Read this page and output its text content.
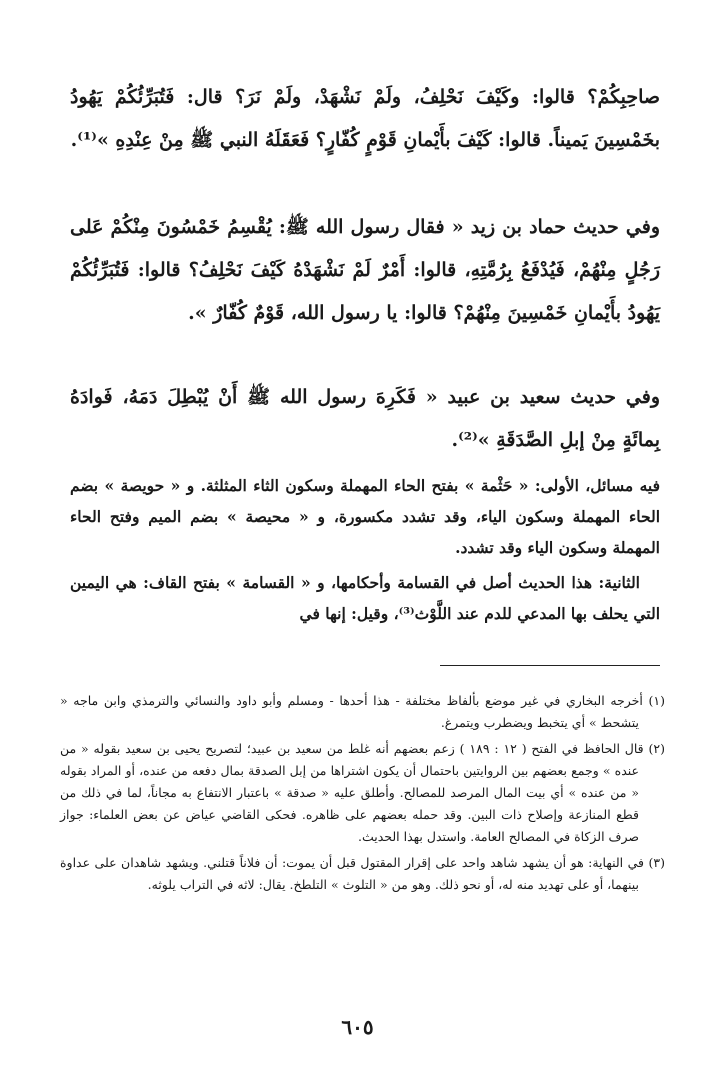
صاحِبِكُمْ؟ قالوا: وكَيْفَ نَحْلِفُ، ولَمْ نَشْهَدْ، ولَمْ نَرَ؟ قال: فَتُبَرِّئُكُمْ يَهُودُ بخَمْسِينَ يَميناً. قالوا: كَيْفَ بأَيْمانِ قَوْمٍ كُفّارٍ؟ فَعَقَلَهُ النبي ﷺ مِنْ عِنْدِهِ »⁽¹⁾.

وفي حديث حماد بن زيد « فقال رسول الله ﷺ: يُقْسِمُ خَمْسُونَ مِنْكُمْ عَلى رَجُلٍ مِنْهُمْ، فَيُدْفَعُ بِرُمَّتِهِ، قالوا: أَمْرٌ لَمْ نَشْهَدْهُ كَيْفَ نَحْلِفُ؟ قالوا: فَتُبَرِّئُكُمْ يَهُودُ بأَيْمانِ خَمْسِينَ مِنْهُمْ؟ قالوا: يا رسول الله، قَوْمٌ كُفّارٌ ».

وفي حديث سعيد بن عبيد « فَكَرِهَ رسول الله ﷺ أَنْ يُبْطِلَ دَمَهُ، فَوادَهُ بِمائَةٍ مِنْ إبلِ الصَّدَقَةِ »⁽²⁾.

فيه مسائل، الأولى: « حَثْمة » بفتح الحاء المهملة وسكون الثاء المثلثة. و « حويصة » بضم الحاء المهملة وسكون الياء، وقد تشدد مكسورة، و « محيصة » بضم الميم وفتح الحاء المهملة وسكون الياء وقد تشدد.

الثانية: هذا الحديث أصل في القسامة وأحكامها، و « القسامة » بفتح القاف: هي اليمين التي يحلف بها المدعي للدم عند اللَّوْث⁽³⁾، وقيل: إنها في

(١) أخرجه البخاري في غير موضع بألفاظ مختلفة - هذا أحدها - ومسلم وأبو داود والنسائي والترمذي وابن ماجه « يتشحط » أي يتخبط ويضطرب ويتمرغ.

(٢) قال الحافظ في الفتح ( ١٢ : ١٨٩ ) زعم بعضهم أنه غلط من سعيد بن عبيد؛ لتصريح يحيى بن سعيد بقوله « من عنده » وجمع بعضهم بين الروايتين باحتمال أن يكون اشتراها من إبل الصدقة بمال دفعه من عنده، أو المراد بقوله « من عنده » أي بيت المال المرصد للمصالح. وأطلق عليه « صدقة » باعتبار الانتفاع به مجاناً، لما في ذلك من قطع المنازعة وإصلاح ذات البين. وقد حمله بعضهم على ظاهره. فحكى القاضي عياض عن بعض العلماء: جواز صرف الزكاة في المصالح العامة. واستدل بهذا الحديث.

(٣) في النهاية: هو أن يشهد شاهد واحد على إقرار المقتول قبل أن يموت: أن فلاناً قتلني. ويشهد شاهدان على عداوة بينهما، أو على تهديد منه له، أو نحو ذلك. وهو من « التلوث » التلطخ. يقال: لاثه في التراب يلوثه.

٦٠٥
